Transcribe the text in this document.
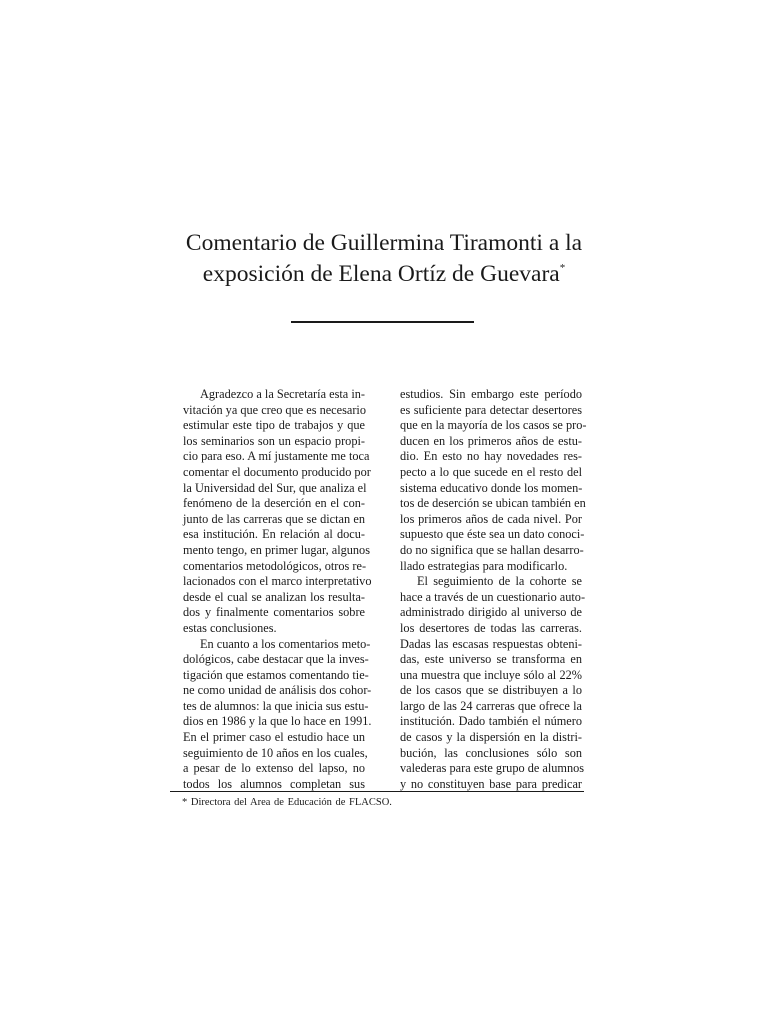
Comentario de Guillermina Tiramonti a la
exposición de Elena Ortíz de Guevara*
Agradezco a la Secretaría esta in-
vitación ya que creo que es necesario
estimular este tipo de trabajos y que
los seminarios son un espacio propi-
cio para eso. A mí justamente me toca
comentar el documento producido por
la Universidad del Sur, que analiza el
fenómeno de la deserción en el con-
junto de las carreras que se dictan en
esa institución. En relación al docu-
mento tengo, en primer lugar, algunos
comentarios metodológicos, otros re-
lacionados con el marco interpretativo
desde el cual se analizan los resulta-
dos y finalmente comentarios sobre
estas conclusiones.
En cuanto a los comentarios meto-
dológicos, cabe destacar que la inves-
tigación que estamos comentando tie-
ne como unidad de análisis dos cohor-
tes de alumnos: la que inicia sus estu-
dios en 1986 y la que lo hace en 1991.
En el primer caso el estudio hace un
seguimiento de 10 años en los cuales,
a pesar de lo extenso del lapso, no
todos los alumnos completan sus
estudios. Sin embargo este período
es suficiente para detectar desertores
que en la mayoría de los casos se pro-
ducen en los primeros años de estu-
dio. En esto no hay novedades res-
pecto a lo que sucede en el resto del
sistema educativo donde los momen-
tos de deserción se ubican también en
los primeros años de cada nivel. Por
supuesto que éste sea un dato conoci-
do no significa que se hallan desarro-
llado estrategias para modificarlo.
El seguimiento de la cohorte se
hace a través de un cuestionario auto-
administrado dirigido al universo de
los desertores de todas las carreras.
Dadas las escasas respuestas obteni-
das, este universo se transforma en
una muestra que incluye sólo al 22%
de los casos que se distribuyen a lo
largo de las 24 carreras que ofrece la
institución. Dado también el número
de casos y la dispersión en la distri-
bución, las conclusiones sólo son
valederas para este grupo de alumnos
y no constituyen base para predicar
* Directora del Area de Educación de FLACSO.
